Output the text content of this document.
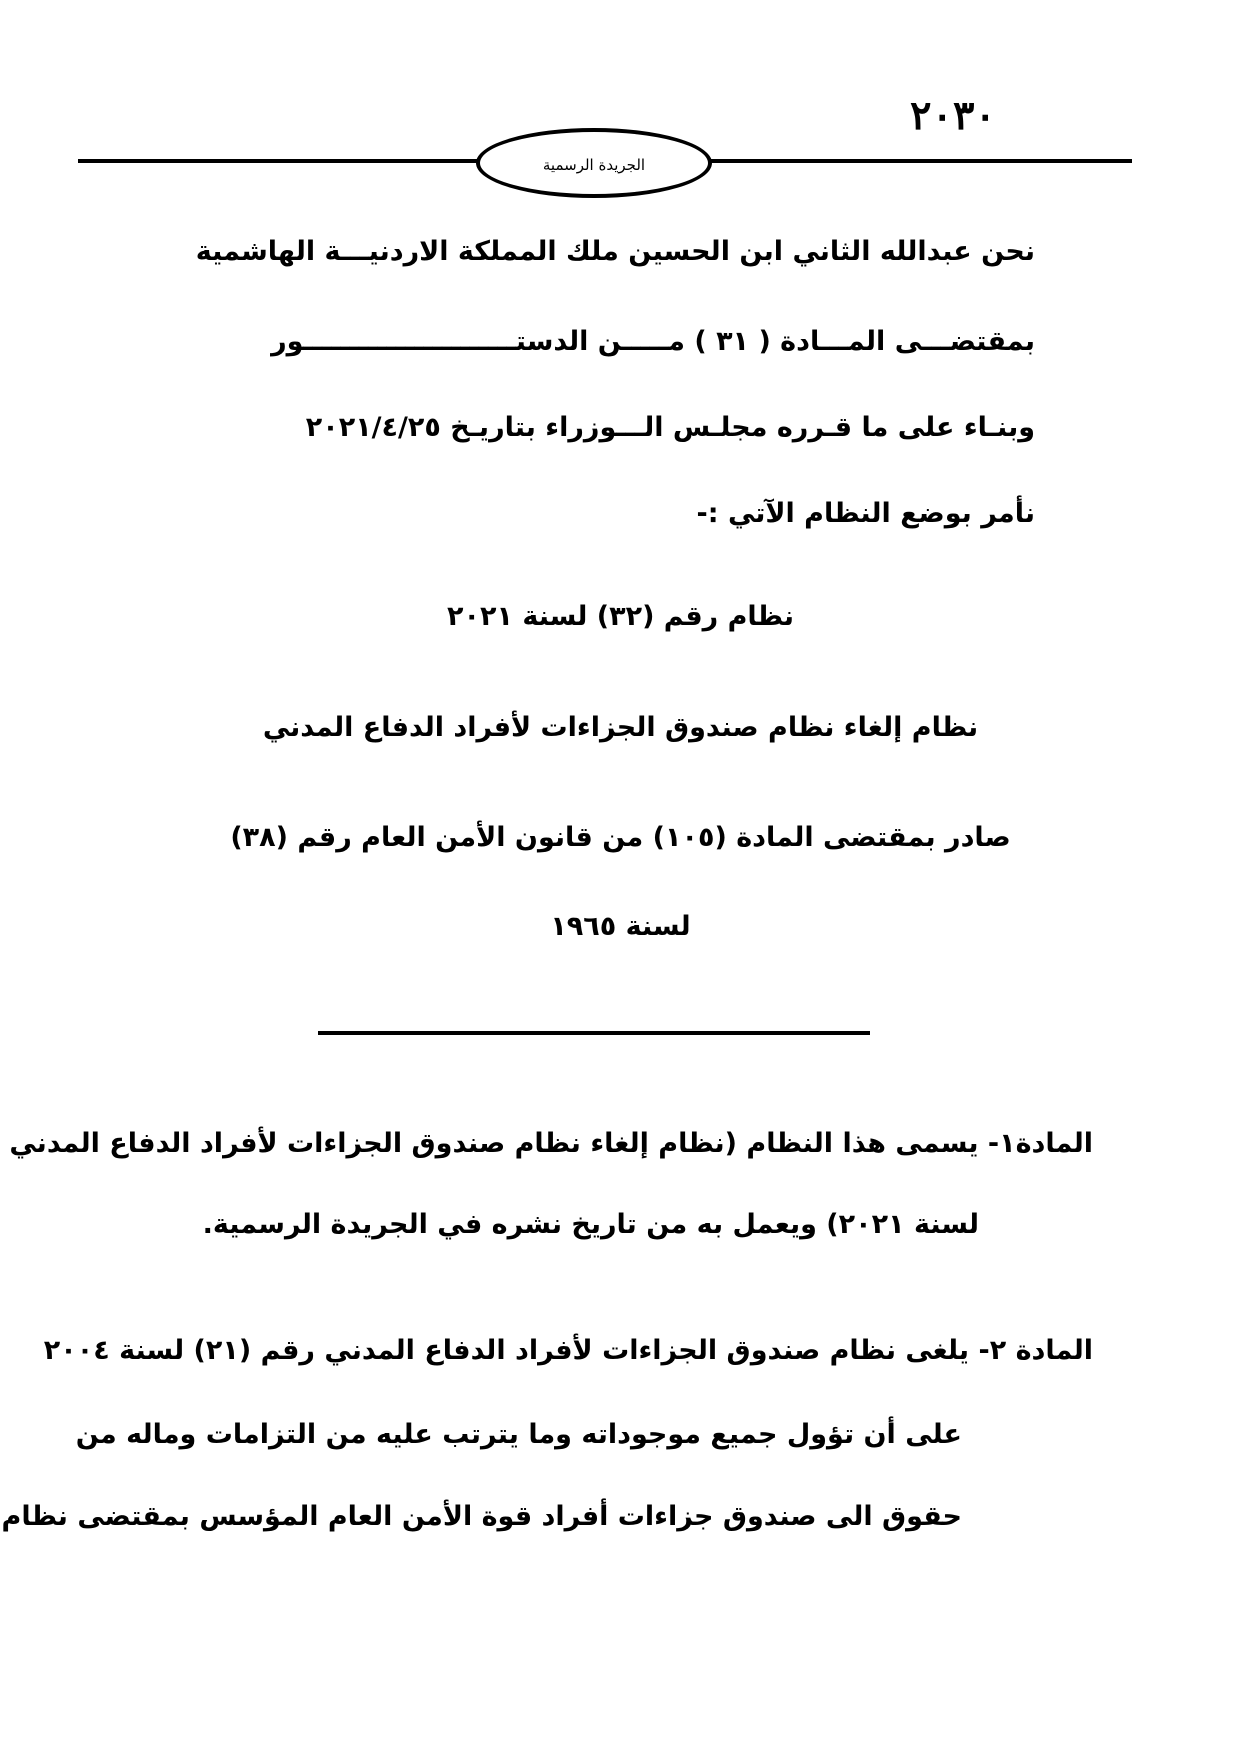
٢٠٣٠
الجريدة الرسمية
نحن عبدالله الثاني ابن الحسين ملك المملكة الاردنيـــة الهاشمية
بمقتضـــى المـــادة ( ٣١ ) مـــــن الدستـــــــــــــــــــــــور
وبنـاء على ما قـرره مجلـس الـــوزراء بتاريـخ ٢٠٢١/٤/٢٥
نأمر بوضع النظام الآتي :-
نظام رقم (٣٢) لسنة ٢٠٢١
نظام إلغاء نظام صندوق الجزاءات لأفراد الدفاع المدني
صادر بمقتضى المادة (١٠٥) من قانون الأمن العام رقم (٣٨)
لسنة ١٩٦٥
المادة١- يسمى هذا النظام (نظام إلغاء نظام صندوق الجزاءات لأفراد الدفاع المدني
لسنة ٢٠٢١) ويعمل به من تاريخ نشره في الجريدة الرسمية.
المادة ٢- يلغى نظام صندوق الجزاءات لأفراد الدفاع المدني رقم (٢١) لسنة ٢٠٠٤
على أن تؤول جميع موجوداته وما يترتب عليه من التزامات وماله من
حقوق الى صندوق جزاءات أفراد قوة الأمن العام المؤسس بمقتضى نظام
